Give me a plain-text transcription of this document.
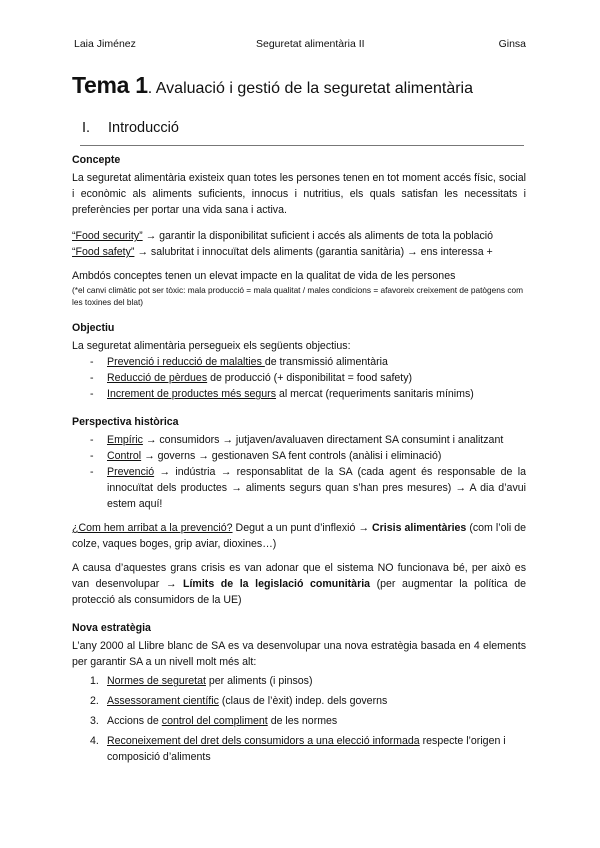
Laia Jiménez	Seguretat alimentària II	Ginsa
Tema 1. Avaluació i gestió de la seguretat alimentària
I. Introducció
Concepte

La seguretat alimentària existeix quan totes les persones tenen en tot moment accés físic, social i econòmic als aliments suficients, innocus i nutritius, els quals satisfan les necessitats i preferències per portar una vida sana i activa.

“Food security” → garantir la disponibilitat suficient i accés als aliments de tota la població

“Food safety” → salubritat i innocuïtat dels aliments (garantia sanitària) → ens interessa +

Ambdós conceptes tenen un elevat impacte en la qualitat de vida de les persones

(*el canvi climàtic pot ser tòxic: mala producció = mala qualitat / males condicions = afavoreix creixement de patògens com les toxines del blat)

Objectiu

La seguretat alimentària persegueix els següents objectius:

- Prevenció i reducció de malalties de transmissió alimentària
- Reducció de pèrdues de producció (+ disponibilitat = food safety)
- Increment de productes més segurs al mercat (requeriments sanitaris mínims)
Perspectiva històrica
- Empíric → consumidors → jutjaven/avaluaven directament SA consumint i analitzant
- Control → governs → gestionaven SA fent controls (anàlisi i eliminació)
- Prevenció → indústria → responsablitat de la SA (cada agent és responsable de la innocuïtat dels productes → aliments segurs quan s’han pres mesures) → A dia d’avui estem aquí!

¿Com hem arribat a la prevenció? Degut a un punt d’inflexió → Crisis alimentàries (com l’oli de colze, vaques boges, grip aviar, dioxines…)

A causa d’aquestes grans crisis es van adonar que el sistema NO funcionava bé, per això es van desenvolupar → Límits de la legislació comunitària (per augmentar la política de protecció als consumidors de la UE)

Nova estratègia

L’any 2000 al Llibre blanc de SA es va desenvolupar una nova estratègia basada en 4 elements per garantir SA a un nivell molt més alt:

1. Normes de seguretat per aliments (i pinsos)
2. Assessorament científic (claus de l’èxit) indep. dels governs
3. Accions de control del compliment de les normes
4. Reconeixement del dret dels consumidors a una elecció informada respecte l’origen i composició d’aliments
